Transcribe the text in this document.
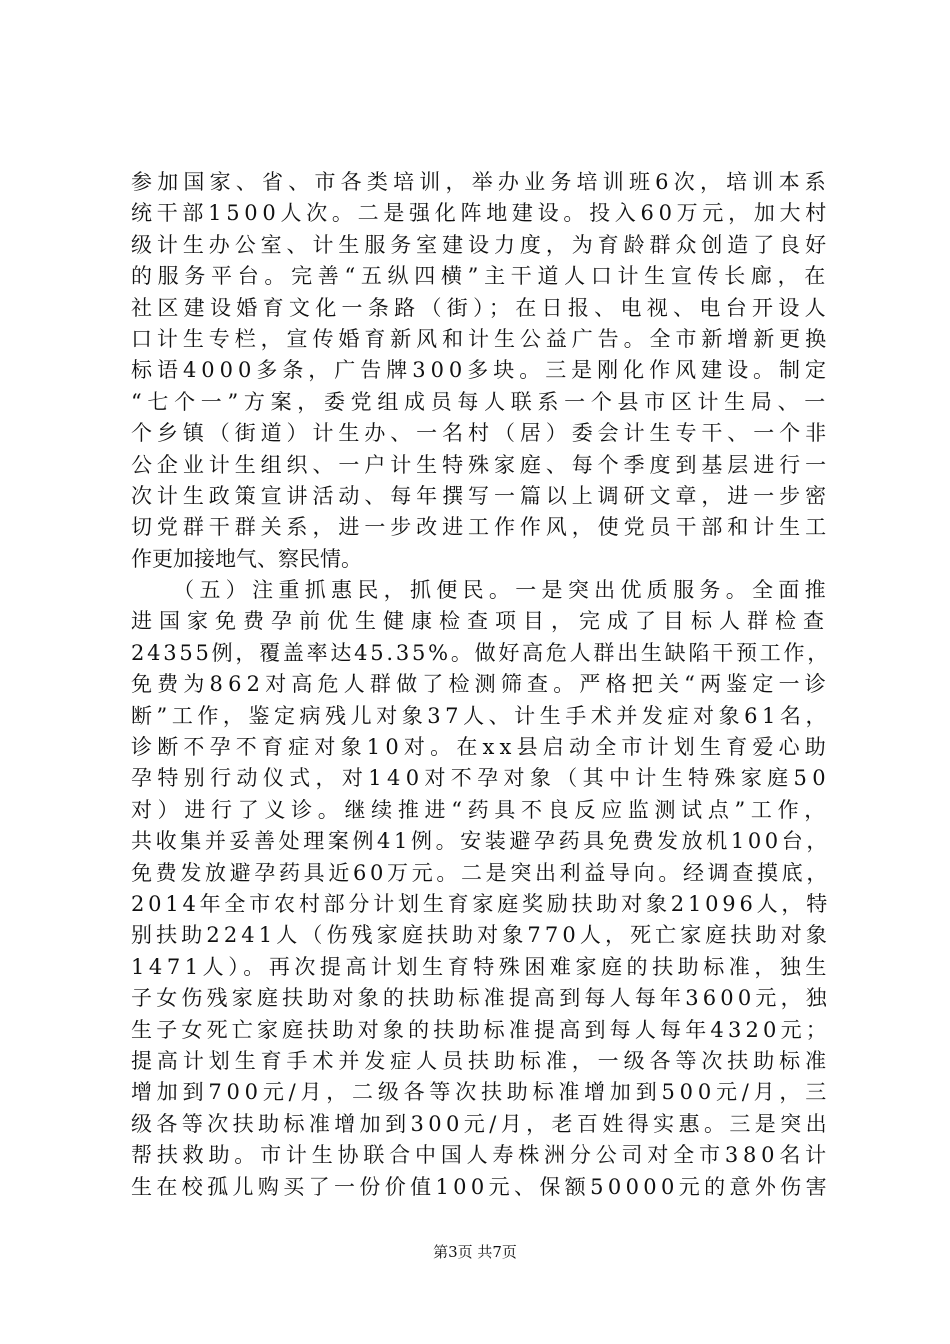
参加国家、省、市各类培训，举办业务培训班6次，培训本系
统干部1500人次。二是强化阵地建设。投入60万元，加大村
级计生办公室、计生服务室建设力度，为育龄群众创造了良好
的服务平台。完善“五纵四横”主干道人口计生宣传长廊，在
社区建设婚育文化一条路（街）；在日报、电视、电台开设人
口计生专栏，宣传婚育新风和计生公益广告。全市新增新更换
标语4000多条，广告牌300多块。三是刚化作风建设。制定
“七个一”方案，委党组成员每人联系一个县市区计生局、一
个乡镇（街道）计生办、一名村（居）委会计生专干、一个非
公企业计生组织、一户计生特殊家庭、每个季度到基层进行一
次计生政策宣讲活动、每年撰写一篇以上调研文章，进一步密
切党群干群关系，进一步改进工作作风，使党员干部和计生工
作更加接地气、察民情。
　　（五）注重抓惠民，抓便民。一是突出优质服务。全面推
进国家免费孕前优生健康检查项目，完成了目标人群检查
24355例，覆盖率达45.35%。做好高危人群出生缺陷干预工作，
免费为862对高危人群做了检测筛查。严格把关“两鉴定一诊
断”工作，鉴定病残儿对象37人、计生手术并发症对象61名，
诊断不孕不育症对象10对。在xx县启动全市计划生育爱心助
孕特别行动仪式，对140对不孕对象（其中计生特殊家庭50
对）进行了义诊。继续推进“药具不良反应监测试点”工作，
共收集并妥善处理案例41例。安装避孕药具免费发放机100台，
免费发放避孕药具近60万元。二是突出利益导向。经调查摸底，
2014年全市农村部分计划生育家庭奖励扶助对象21096人，特
别扶助2241人（伤残家庭扶助对象770人，死亡家庭扶助对象
1471人）。再次提高计划生育特殊困难家庭的扶助标准，独生
子女伤残家庭扶助对象的扶助标准提高到每人每年3600元，独
生子女死亡家庭扶助对象的扶助标准提高到每人每年4320元；
提高计划生育手术并发症人员扶助标准，一级各等次扶助标准
增加到700元/月，二级各等次扶助标准增加到500元/月，三
级各等次扶助标准增加到300元/月，老百姓得实惠。三是突出
帮扶救助。市计生协联合中国人寿株洲分公司对全市380名计
生在校孤儿购买了一份价值100元、保额50000元的意外伤害
第3页 共7页
